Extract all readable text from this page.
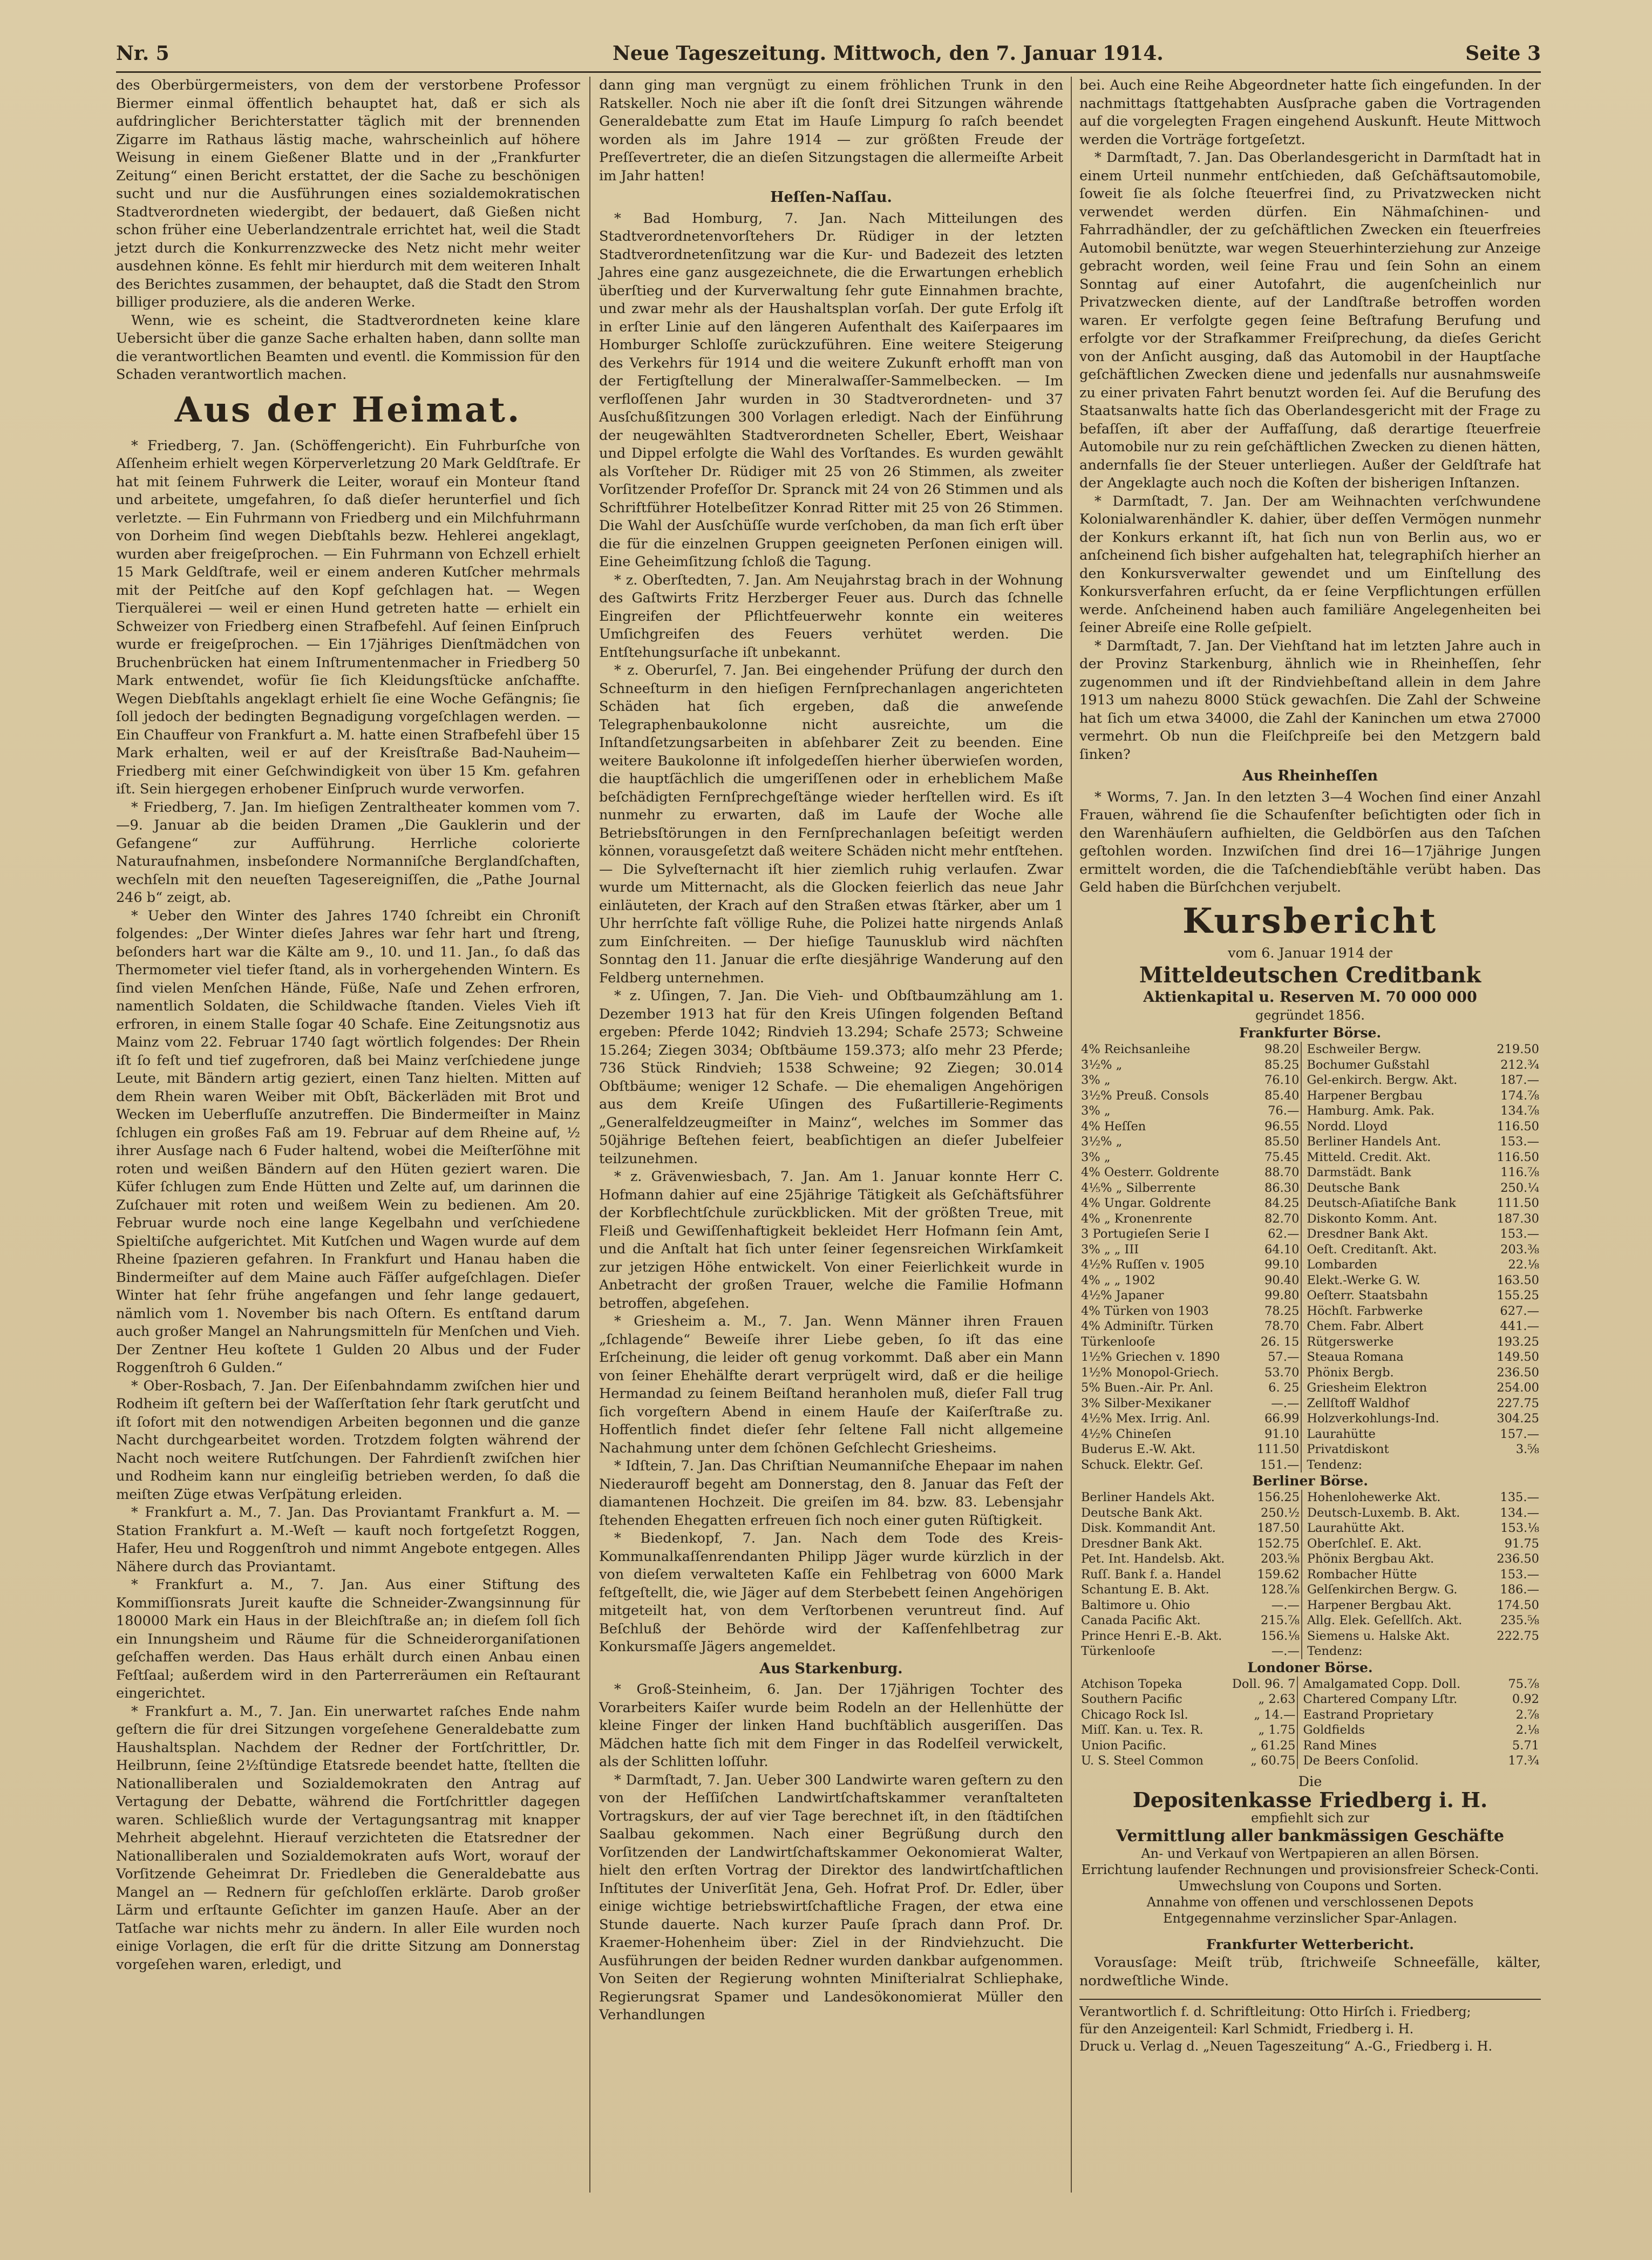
Nr. 5	Neue Tageszeitung. Mittwoch, den 7. Januar 1914.	Seite 3

des Oberbürgermeisters, von dem der verstorbene Professor Biermer einmal öffentlich behauptet hat, daß er sich als aufdringlicher Berichterstatter täglich mit der brennenden Zigarre im Rathaus lästig mache, wahrscheinlich auf höhere Weisung in einem Gießener Blatte und in der „Frankfurter Zeitung“ einen Bericht erstattet, der die Sache zu beschönigen sucht und nur die Ausführungen eines sozialdemokratischen Stadtverordneten wiedergibt, der bedauert, daß Gießen nicht schon früher eine Ueberlandzentrale errichtet hat, weil die Stadt jetzt durch die Konkurrenzzwecke des Netz nicht mehr weiter ausdehnen könne. Es fehlt mir hierdurch mit dem weiteren Inhalt des Berichtes zusammen, der behauptet, daß die Stadt den Strom billiger produziere, als die anderen Werke.

Wenn, wie es scheint, die Stadtverordneten keine klare Uebersicht über die ganze Sache erhalten haben, dann sollte man die verantwortlichen Beamten und eventl. die Kommission für den Schaden verantwortlich machen.

Aus der Heimat.

* Friedberg, 7. Jan. (Schöffengericht). Ein Fuhrburſche von Aſſenheim erhielt wegen Körperverletzung 20 Mark Geldſtrafe. Er hat mit ſeinem Fuhrwerk die Leiter, worauf ein Monteur ſtand und arbeitete, umgefahren, ſo daß dieſer herunterfiel und ſich verletzte. — Ein Fuhrmann von Friedberg und ein Milchfuhrmann von Dorheim ſind wegen Diebſtahls bezw. Hehlerei angeklagt, wurden aber freigeſprochen. — Ein Fuhrmann von Echzell erhielt 15 Mark Geldſtrafe, weil er einem anderen Kutſcher mehrmals mit der Peitſche auf den Kopf geſchlagen hat. — Wegen Tierquälerei — weil er einen Hund getreten hatte — erhielt ein Schweizer von Friedberg einen Strafbefehl. Auf ſeinen Einſpruch wurde er freigeſprochen. — Ein 17jähriges Dienſtmädchen von Bruchenbrücken hat einem Inſtrumentenmacher in Friedberg 50 Mark entwendet, wofür ſie ſich Kleidungsſtücke anſchaffte. Wegen Diebſtahls angeklagt erhielt ſie eine Woche Gefängnis; ſie ſoll jedoch der bedingten Begnadigung vorgeſchlagen werden. — Ein Chauffeur von Frankfurt a. M. hatte einen Strafbefehl über 15 Mark erhalten, weil er auf der Kreisſtraße Bad-Nauheim—Friedberg mit einer Geſchwindigkeit von über 15 Km. gefahren iſt. Sein hiergegen erhobener Einſpruch wurde verworfen.

* Friedberg, 7. Jan. Im hieſigen Zentraltheater kommen vom 7.—9. Januar ab die beiden Dramen „Die Gauklerin und der Gefangene“ zur Aufführung. Herrliche colorierte Naturaufnahmen, insbeſondere Normanniſche Berglandſchaften, wechſeln mit den neueſten Tagesereigniſſen, die „Pathe Journal 246 b“ zeigt, ab.

* Ueber den Winter des Jahres 1740 ſchreibt ein Chroniſt folgendes: „Der Winter dieſes Jahres war ſehr hart und ſtreng, beſonders hart war die Kälte am 9., 10. und 11. Jan., ſo daß das Thermometer viel tiefer ſtand, als in vorhergehenden Wintern. Es ſind vielen Menſchen Hände, Füße, Naſe und Zehen erfroren, namentlich Soldaten, die Schildwache ſtanden. Vieles Vieh iſt erfroren, in einem Stalle ſogar 40 Schafe. Eine Zeitungsnotiz aus Mainz vom 22. Februar 1740 ſagt wörtlich folgendes: Der Rhein iſt ſo feſt und tief zugefroren, daß bei Mainz verſchiedene junge Leute, mit Bändern artig geziert, einen Tanz hielten. Mitten auf dem Rhein waren Weiber mit Obſt, Bäckerläden mit Brot und Wecken im Ueberfluſſe anzutreffen. Die Bindermeiſter in Mainz ſchlugen ein großes Faß am 19. Februar auf dem Rheine auf, ½ ihrer Ausſage nach 6 Fuder haltend, wobei die Meiſterſöhne mit roten und weißen Bändern auf den Hüten geziert waren. Die Küfer ſchlugen zum Ende Hütten und Zelte auf, um darinnen die Zuſchauer mit roten und weißem Wein zu bedienen. Am 20. Februar wurde noch eine lange Kegelbahn und verſchiedene Spieltiſche aufgerichtet. Mit Kutſchen und Wagen wurde auf dem Rheine ſpazieren gefahren. In Frankfurt und Hanau haben die Bindermeiſter auf dem Maine auch Fäſſer aufgeſchlagen. Dieſer Winter hat ſehr frühe angefangen und ſehr lange gedauert, nämlich vom 1. November bis nach Oſtern. Es entſtand darum auch großer Mangel an Nahrungsmitteln für Menſchen und Vieh. Der Zentner Heu koſtete 1 Gulden 20 Albus und der Fuder Roggenſtroh 6 Gulden.“

* Ober-Rosbach, 7. Jan. Der Eiſenbahndamm zwiſchen hier und Rodheim iſt geſtern bei der Waſſerſtation ſehr ſtark gerutſcht und iſt ſofort mit den notwendigen Arbeiten begonnen und die ganze Nacht durchgearbeitet worden. Trotzdem folgten während der Nacht noch weitere Rutſchungen. Der Fahrdienſt zwiſchen hier und Rodheim kann nur eingleiſig betrieben werden, ſo daß die meiſten Züge etwas Verſpätung erleiden.

* Frankfurt a. M., 7. Jan. Das Proviantamt Frankfurt a. M. — Station Frankfurt a. M.-Weſt — kauft noch fortgeſetzt Roggen, Hafer, Heu und Roggenſtroh und nimmt Angebote entgegen. Alles Nähere durch das Proviantamt.

* Frankfurt a. M., 7. Jan. Aus einer Stiftung des Kommiſſionsrats Jureit kaufte die Schneider-Zwangsinnung für 180000 Mark ein Haus in der Bleichſtraße an; in dieſem ſoll ſich ein Innungsheim und Räume für die Schneiderorganiſationen geſchaffen werden. Das Haus erhält durch einen Anbau einen Feſtſaal; außerdem wird in den Parterreräumen ein Reſtaurant eingerichtet.

* Frankfurt a. M., 7. Jan. Ein unerwartet raſches Ende nahm geſtern die für drei Sitzungen vorgeſehene Generaldebatte zum Haushaltsplan. Nachdem der Redner der Fortſchrittler, Dr. Heilbrunn, ſeine 2½ſtündige Etatsrede beendet hatte, ſtellten die Nationalliberalen und Sozialdemokraten den Antrag auf Vertagung der Debatte, während die Fortſchrittler dagegen waren. Schließlich wurde der Vertagungsantrag mit knapper Mehrheit abgelehnt. Hierauf verzichteten die Etatsredner der Nationalliberalen und Sozialdemokraten aufs Wort, worauf der Vorſitzende Geheimrat Dr. Friedleben die Generaldebatte aus Mangel an — Rednern für geſchloſſen erklärte. Darob großer Lärm und erſtaunte Geſichter im ganzen Hauſe. Aber an der Tatſache war nichts mehr zu ändern. In aller Eile wurden noch einige Vorlagen, die erſt für die dritte Sitzung am Donnerstag vorgeſehen waren, erledigt, und

dann ging man vergnügt zu einem fröhlichen Trunk in den Ratskeller. Noch nie aber iſt die ſonſt drei Sitzungen währende Generaldebatte zum Etat im Hauſe Limpurg ſo raſch beendet worden als im Jahre 1914 — zur größten Freude der Preſſevertreter, die an dieſen Sitzungstagen die allermeiſte Arbeit im Jahr hatten!

Heſſen-Naſſau.

* Bad Homburg, 7. Jan. Nach Mitteilungen des Stadtverordnetenvorſtehers Dr. Rüdiger in der letzten Stadtverordnetenſitzung war die Kur- und Badezeit des letzten Jahres eine ganz ausgezeichnete, die die Erwartungen erheblich überſtieg und der Kurverwaltung ſehr gute Einnahmen brachte, und zwar mehr als der Haushaltsplan vorſah. Der gute Erfolg iſt in erſter Linie auf den längeren Aufenthalt des Kaiſerpaares im Homburger Schloſſe zurückzuführen. Eine weitere Steigerung des Verkehrs für 1914 und die weitere Zukunft erhofft man von der Fertigſtellung der Mineralwaſſer-Sammelbecken. — Im verfloſſenen Jahr wurden in 30 Stadtverordneten- und 37 Ausſchußſitzungen 300 Vorlagen erledigt. Nach der Einführung der neugewählten Stadtverordneten Scheller, Ebert, Weishaar und Dippel erfolgte die Wahl des Vorſtandes. Es wurden gewählt als Vorſteher Dr. Rüdiger mit 25 von 26 Stimmen, als zweiter Vorſitzender Profeſſor Dr. Spranck mit 24 von 26 Stimmen und als Schriftführer Hotelbeſitzer Konrad Ritter mit 25 von 26 Stimmen. Die Wahl der Ausſchüſſe wurde verſchoben, da man ſich erſt über die für die einzelnen Gruppen geeigneten Perſonen einigen will. Eine Geheimſitzung ſchloß die Tagung.

* z. Oberſtedten, 7. Jan. Am Neujahrstag brach in der Wohnung des Gaſtwirts Fritz Herzberger Feuer aus. Durch das ſchnelle Eingreifen der Pflichtfeuerwehr konnte ein weiteres Umſichgreifen des Feuers verhütet werden. Die Entſtehungsurſache iſt unbekannt.

* z. Oberurſel, 7. Jan. Bei eingehender Prüfung der durch den Schneeſturm in den hieſigen Fernſprechanlagen angerichteten Schäden hat ſich ergeben, daß die anweſende Telegraphenbaukolonne nicht ausreichte, um die Inſtandſetzungsarbeiten in abſehbarer Zeit zu beenden. Eine weitere Baukolonne iſt infolgedeſſen hierher überwieſen worden, die hauptſächlich die umgeriſſenen oder in erheblichem Maße beſchädigten Fernſprechgeſtänge wieder herſtellen wird. Es iſt nunmehr zu erwarten, daß im Laufe der Woche alle Betriebsſtörungen in den Fernſprechanlagen beſeitigt werden können, vorausgeſetzt daß weitere Schäden nicht mehr entſtehen. — Die Sylveſternacht iſt hier ziemlich ruhig verlaufen. Zwar wurde um Mitternacht, als die Glocken feierlich das neue Jahr einläuteten, der Krach auf den Straßen etwas ſtärker, aber um 1 Uhr herrſchte faſt völlige Ruhe, die Polizei hatte nirgends Anlaß zum Einſchreiten. — Der hieſige Taunusklub wird nächſten Sonntag den 11. Januar die erſte diesjährige Wanderung auf den Feldberg unternehmen.

* z. Uſingen, 7. Jan. Die Vieh- und Obſtbaumzählung am 1. Dezember 1913 hat für den Kreis Uſingen folgenden Beſtand ergeben: Pferde 1042; Rindvieh 13.294; Schafe 2573; Schweine 15.264; Ziegen 3034; Obſtbäume 159.373; alſo mehr 23 Pferde; 736 Stück Rindvieh; 1538 Schweine; 92 Ziegen; 30.014 Obſtbäume; weniger 12 Schafe. — Die ehemaligen Angehörigen aus dem Kreiſe Uſingen des Fußartillerie-Regiments „Generalfeldzeugmeiſter in Mainz“, welches im Sommer das 50jährige Beſtehen feiert, beabſichtigen an dieſer Jubelfeier teilzunehmen.

* z. Grävenwiesbach, 7. Jan. Am 1. Januar konnte Herr C. Hofmann dahier auf eine 25jährige Tätigkeit als Geſchäftsführer der Korbflechtſchule zurückblicken. Mit der größten Treue, mit Fleiß und Gewiſſenhaftigkeit bekleidet Herr Hofmann ſein Amt, und die Anſtalt hat ſich unter ſeiner ſegensreichen Wirkſamkeit zur jetzigen Höhe entwickelt. Von einer Feierlichkeit wurde in Anbetracht der großen Trauer, welche die Familie Hofmann betroffen, abgeſehen.

* Griesheim a. M., 7. Jan. Wenn Männer ihren Frauen „ſchlagende“ Beweiſe ihrer Liebe geben, ſo iſt das eine Erſcheinung, die leider oft genug vorkommt. Daß aber ein Mann von ſeiner Ehehälfte derart verprügelt wird, daß er die heilige Hermandad zu ſeinem Beiſtand heranholen muß, dieſer Fall trug ſich vorgeſtern Abend in einem Hauſe der Kaiſerſtraße zu. Hoffentlich findet dieſer ſehr ſeltene Fall nicht allgemeine Nachahmung unter dem ſchönen Geſchlecht Griesheims.

* Idſtein, 7. Jan. Das Chriſtian Neumanniſche Ehepaar im nahen Niederauroff begeht am Donnerstag, den 8. Januar das Feſt der diamantenen Hochzeit. Die greiſen im 84. bzw. 83. Lebensjahr ſtehenden Ehegatten erfreuen ſich noch einer guten Rüſtigkeit.

* Biedenkopf, 7. Jan. Nach dem Tode des Kreis-Kommunalkaſſenrendanten Philipp Jäger wurde kürzlich in der von dieſem verwalteten Kaſſe ein Fehlbetrag von 6000 Mark feſtgeſtellt, die, wie Jäger auf dem Sterbebett ſeinen Angehörigen mitgeteilt hat, von dem Verſtorbenen veruntreut ſind. Auf Beſchluß der Behörde wird der Kaſſenfehlbetrag zur Konkursmaſſe Jägers angemeldet.

Aus Starkenburg.

* Groß-Steinheim, 6. Jan. Der 17jährigen Tochter des Vorarbeiters Kaiſer wurde beim Rodeln an der Hellenhütte der kleine Finger der linken Hand buchſtäblich ausgeriſſen. Das Mädchen hatte ſich mit dem Finger in das Rodelſeil verwickelt, als der Schlitten loſſuhr.

* Darmſtadt, 7. Jan. Ueber 300 Landwirte waren geſtern zu den von der Heſſiſchen Landwirtſchaftskammer veranſtalteten Vortragskurs, der auf vier Tage berechnet iſt, in den ſtädtiſchen Saalbau gekommen. Nach einer Begrüßung durch den Vorſitzenden der Landwirtſchaftskammer Oekonomierat Walter, hielt den erſten Vortrag der Direktor des landwirtſchaftlichen Inſtitutes der Univerſität Jena, Geh. Hofrat Prof. Dr. Edler, über einige wichtige betriebswirtſchaftliche Fragen, der etwa eine Stunde dauerte. Nach kurzer Pauſe ſprach dann Prof. Dr. Kraemer-Hohenheim über: Ziel in der Rindviehzucht. Die Ausführungen der beiden Redner wurden dankbar aufgenommen. Von Seiten der Regierung wohnten Miniſterialrat Schliephake, Regierungsrat Spamer und Landesökonomierat Müller den Verhandlungen

bei. Auch eine Reihe Abgeordneter hatte ſich eingefunden. In der nachmittags ſtattgehabten Ausſprache gaben die Vortragenden auf die vorgelegten Fragen eingehend Auskunft. Heute Mittwoch werden die Vorträge fortgeſetzt.

* Darmſtadt, 7. Jan. Das Oberlandesgericht in Darmſtadt hat in einem Urteil nunmehr entſchieden, daß Geſchäftsautomobile, ſoweit ſie als ſolche ſteuerfrei ſind, zu Privatzwecken nicht verwendet werden dürfen. Ein Nähmaſchinen- und Fahrradhändler, der zu geſchäftlichen Zwecken ein ſteuerfreies Automobil benützte, war wegen Steuerhinterziehung zur Anzeige gebracht worden, weil ſeine Frau und ſein Sohn an einem Sonntag auf einer Autofahrt, die augenſcheinlich nur Privatzwecken diente, auf der Landſtraße betroffen worden waren. Er verfolgte gegen ſeine Beſtrafung Berufung und erfolgte vor der Strafkammer Freiſprechung, da dieſes Gericht von der Anſicht ausging, daß das Automobil in der Hauptſache geſchäftlichen Zwecken diene und jedenfalls nur ausnahmsweiſe zu einer privaten Fahrt benutzt worden ſei. Auf die Berufung des Staatsanwalts hatte ſich das Oberlandesgericht mit der Frage zu befaſſen, iſt aber der Auffaſſung, daß derartige ſteuerfreie Automobile nur zu rein geſchäftlichen Zwecken zu dienen hätten, andernfalls ſie der Steuer unterliegen. Außer der Geldſtrafe hat der Angeklagte auch noch die Koſten der bisherigen Inſtanzen.

* Darmſtadt, 7. Jan. Der am Weihnachten verſchwundene Kolonialwarenhändler K. dahier, über deſſen Vermögen nunmehr der Konkurs erkannt iſt, hat ſich nun von Berlin aus, wo er anſcheinend ſich bisher aufgehalten hat, telegraphiſch hierher an den Konkursverwalter gewendet und um Einſtellung des Konkursverfahren erſucht, da er ſeine Verpflichtungen erfüllen werde. Anſcheinend haben auch familiäre Angelegenheiten bei ſeiner Abreiſe eine Rolle geſpielt.

* Darmſtadt, 7. Jan. Der Viehſtand hat im letzten Jahre auch in der Provinz Starkenburg, ähnlich wie in Rheinheſſen, ſehr zugenommen und iſt der Rindviehbeſtand allein in dem Jahre 1913 um nahezu 8000 Stück gewachſen. Die Zahl der Schweine hat ſich um etwa 34000, die Zahl der Kaninchen um etwa 27000 vermehrt. Ob nun die Fleiſchpreiſe bei den Metzgern bald ſinken?

Aus Rheinheſſen

* Worms, 7. Jan. In den letzten 3—4 Wochen ſind einer Anzahl Frauen, während ſie die Schaufenſter beſichtigten oder ſich in den Warenhäuſern aufhielten, die Geldbörſen aus den Taſchen geſtohlen worden. Inzwiſchen ſind drei 16—17jährige Jungen ermittelt worden, die die Taſchendiebſtähle verübt haben. Das Geld haben die Bürſchchen verjubelt.

Kursbericht
vom 6. Januar 1914 der
Mitteldeutschen Creditbank
Aktienkapital u. Reserven M. 70 000 000
gegründet 1856.
Frankfurter Börse.
4% Reichsanleihe	98.20		Eschweiler Bergw.	219.50
3½% „	85.25		Bochumer Gußstahl	212.¾
3% „	76.10		Gel-enkirch. Bergw. Akt.	187.—
3½% Preuß. Consols	85.40		Harpener Bergbau	174.⅞
3% „	76.—		Hamburg. Amk. Pak.	134.⅞
4% Heſſen	96.55		Nordd. Lloyd	116.50
3½% „	85.50		Berliner Handels Ant.	153.—
3% „	75.45		Mitteld. Credit. Akt.	116.50
4% Oesterr. Goldrente	88.70		Darmstädt. Bank	116.⅞
4⅕% „ Silberrente	86.30		Deutsche Bank	250.¼
4% Ungar. Goldrente	84.25		Deutsch-Aſiatiſche Bank	111.50
4% „ Kronenrente	82.70		Diskonto Komm. Ant.	187.30
3 Portugieſen Serie I	62.—		Dresdner Bank Akt.	153.—
3% „ „ III	64.10		Oeſt. Creditanſt. Akt.	203.⅜
4½% Ruſſen v. 1905	99.10		Lombarden	22.⅛
4% „ „ 1902	90.40		Elekt.-Werke G. W.	163.50
4½% Japaner	99.80		Oeſterr. Staatsbahn	155.25
4% Türken von 1903	78.25		Höchſt. Farbwerke	627.—
4% Adminiſtr. Türken	78.70		Chem. Fabr. Albert	441.—
Türkenlooſe	26. 15		Rütgerswerke	193.25
1½% Griechen v. 1890	57.—		Steaua Romana	149.50
1½% Monopol-Griech.	53.70		Phönix Bergb.	236.50
5% Buen.-Air. Pr. Anl.	6. 25		Griesheim Elektron	254.00
3% Silber-Mexikaner	—.—		Zellſtoff Waldhof	227.75
4½% Mex. Irrig. Anl.	66.99		Holzverkohlungs-Ind.	304.25
4½% Chineſen	91.10		Laurahütte	157.—
Buderus E.-W. Akt.	111.50		Privatdiskont	3.⅝
Schuck. Elektr. Geſ.	151.—		Tendenz:	
Berliner Börse.
Berliner Handels Akt.	156.25		Hohenlohewerke Akt.	135.—
Deutsche Bank Akt.	250.½		Deutsch-Luxemb. B. Akt.	134.—
Disk. Kommandit Ant.	187.50		Laurahütte Akt.	153.⅛
Dresdner Bank Akt.	152.75		Oberſchleſ. E. Akt.	91.75
Pet. Int. Handelsb. Akt.	203.⅝		Phönix Bergbau Akt.	236.50
Ruſſ. Bank f. a. Handel	159.62		Rombacher Hütte	153.—
Schantung E. B. Akt.	128.⅞		Gelſenkirchen Bergw. G.	186.—
Baltimore u. Ohio	—.—		Harpener Bergbau Akt.	174.50
Canada Pacific Akt.	215.⅞		Allg. Elek. Geſellſch. Akt.	235.⅝
Prince Henri E.-B. Akt.	156.⅛		Siemens u. Halske Akt.	222.75
Türkenlooſe	—.—		Tendenz:	
Londoner Börse.
Atchison Topeka	Doll. 96. 7		Amalgamated Copp. Doll.	75.⅞
Southern Pacific	„ 2.63		Chartered Company Lſtr.	0.92
Chicago Rock Isl.	„ 14.—		Eastrand Proprietary	2.⅞
Miſſ. Kan. u. Tex. R.	„ 1.75		Goldfields	2.⅛
Union Pacific.	„ 61.25		Rand Mines	5.71
U. S. Steel Common	„ 60.75		De Beers Conſolid.	17.¾
Die
Depositenkasse Friedberg i. H.
empfiehlt sich zur
Vermittlung aller bankmässigen Geschäfte
An- und Verkauf von Wertpapieren an allen Börsen.
Errichtung laufender Rechnungen und provisionsfreier Scheck-Conti.
Umwechslung von Coupons und Sorten.
Annahme von offenen und verschlossenen Depots
Entgegennahme verzinslicher Spar-Anlagen.
Frankfurter Wetterbericht.

Vorausſage: Meiſt trüb, ſtrichweiſe Schneefälle, kälter, nordweſtliche Winde.

Verantwortlich f. d. Schriftleitung: Otto Hirſch i. Friedberg;
für den Anzeigenteil: Karl Schmidt, Friedberg i. H.
Druck u. Verlag d. „Neuen Tageszeitung“ A.-G., Friedberg i. H.
